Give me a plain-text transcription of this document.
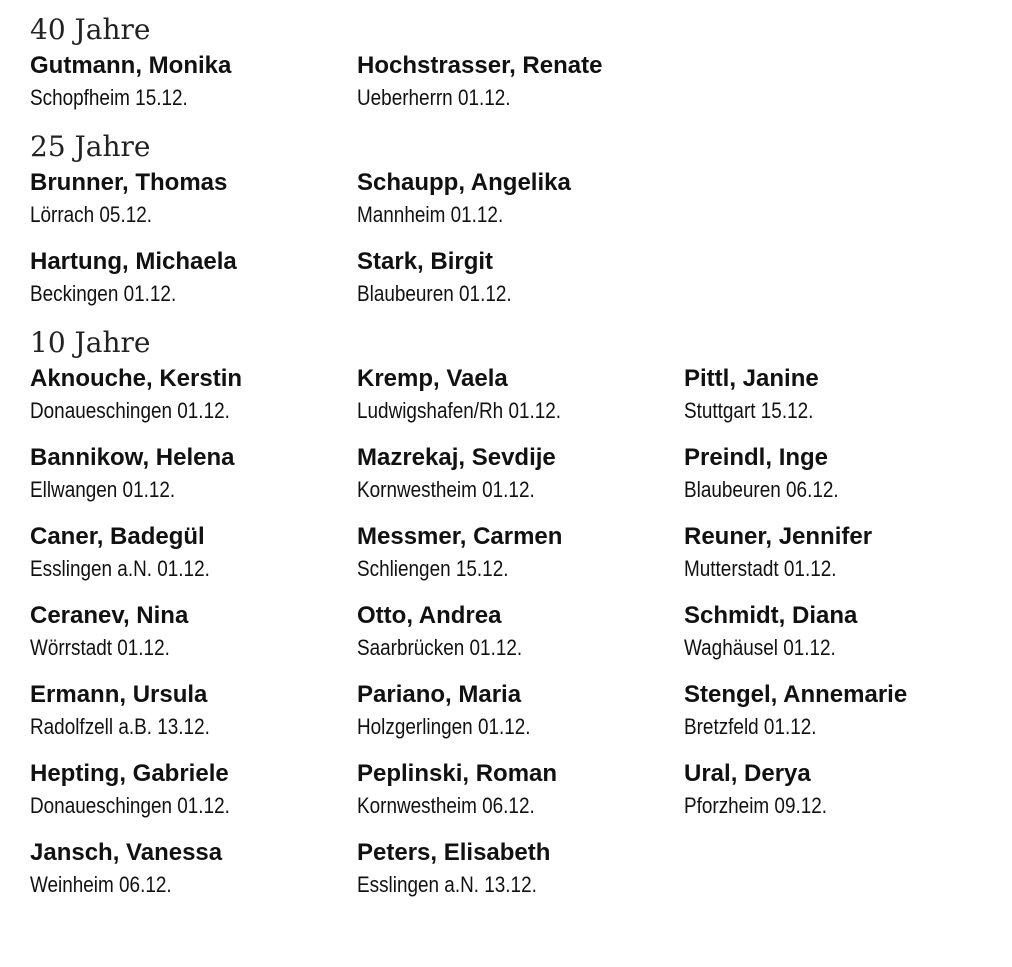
40 Jahre
Gutmann, Monika
Schopfheim 15.12.
Hochstrasser, Renate
Ueberherrn 01.12.
25 Jahre
Brunner, Thomas
Lörrach 05.12.
Schaupp, Angelika
Mannheim 01.12.
Hartung, Michaela
Beckingen 01.12.
Stark, Birgit
Blaubeuren 01.12.
10 Jahre
Aknouche, Kerstin
Donaueschingen 01.12.
Kremp, Vaela
Ludwigshafen/Rh 01.12.
Pittl, Janine
Stuttgart 15.12.
Bannikow, Helena
Ellwangen 01.12.
Mazrekaj, Sevdije
Kornwestheim 01.12.
Preindl, Inge
Blaubeuren 06.12.
Caner, Badegül
Esslingen a.N. 01.12.
Messmer, Carmen
Schliengen 15.12.
Reuner, Jennifer
Mutterstadt 01.12.
Ceranev, Nina
Wörrstadt 01.12.
Otto, Andrea
Saarbrücken 01.12.
Schmidt, Diana
Waghäusel 01.12.
Ermann, Ursula
Radolfzell a.B. 13.12.
Pariano, Maria
Holzgerlingen 01.12.
Stengel, Annemarie
Bretzfeld 01.12.
Hepting, Gabriele
Donaueschingen 01.12.
Peplinski, Roman
Kornwestheim 06.12.
Ural, Derya
Pforzheim 09.12.
Jansch, Vanessa
Weinheim 06.12.
Peters, Elisabeth
Esslingen a.N. 13.12.
